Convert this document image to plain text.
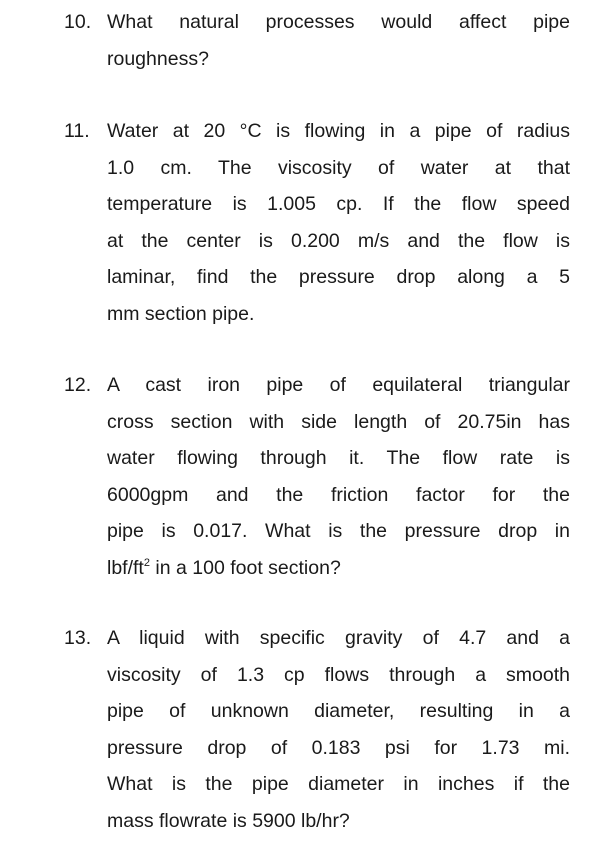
10. What natural processes would affect pipe
roughness?
11. Water at 20 °C is flowing in a pipe of radius
1.0 cm. The viscosity of water at that
temperature is 1.005 cp. If the flow speed
at the center is 0.200 m/s and the flow is
laminar, find the pressure drop along a 5
mm section pipe.
12. A cast iron pipe of equilateral triangular
cross section with side length of 20.75in has
water flowing through it. The flow rate is
6000gpm and the friction factor for the
pipe is 0.017. What is the pressure drop in
lbf/$ft^2$ in a 100 foot section?
13. A liquid with specific gravity of 4.7 and a
viscosity of 1.3 cp flows through a smooth
pipe of unknown diameter, resulting in a
pressure drop of 0.183 psi for 1.73 mi.
What is the pipe diameter in inches if the
mass flowrate is 5900 lb/hr?
